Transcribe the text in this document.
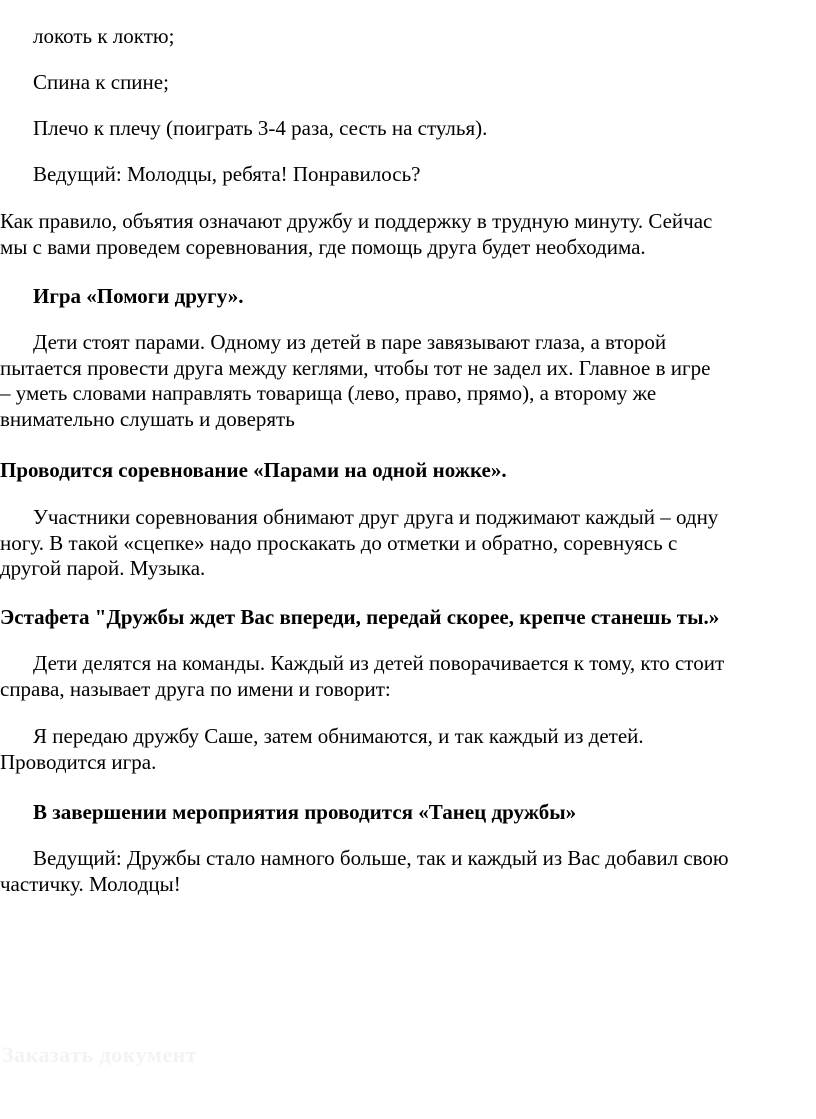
локоть к локтю;

Спина к спине;

Плечо к плечу (поиграть 3-4 раза, сесть на стулья).

Ведущий: Молодцы, ребята! Понравилось?

Как правило, объятия означают дружбу и поддержку в трудную минуту. Сейчас
мы с вами проведем соревнования, где помощь друга будет необходима.

Игра «Помоги другу».

Дети стоят парами. Одному из детей в паре завязывают глаза, а второй
пытается провести друга между кеглями, чтобы тот не задел их. Главное в игре
– уметь словами направлять товарища (лево, право, прямо), а второму же
внимательно слушать и доверять

Проводится соревнование «Парами на одной ножке».

Участники соревнования обнимают друг друга и поджимают каждый – одну
ногу. В такой «сцепке» надо проскакать до отметки и обратно, соревнуясь с
другой парой. Музыка.

Эстафета "Дружбы ждет Вас впереди, передай скорее, крепче станешь ты.»

Дети делятся на команды. Каждый из детей поворачивается к тому, кто стоит
справа, называет друга по имени и говорит:

Я передаю дружбу Саше, затем обнимаются, и так каждый из детей.
Проводится игра.

В завершении мероприятия проводится «Танец дружбы»

Ведущий: Дружбы стало намного больше, так и каждый из Вас добавил свою
частичку. Молодцы!

Заказать документ
